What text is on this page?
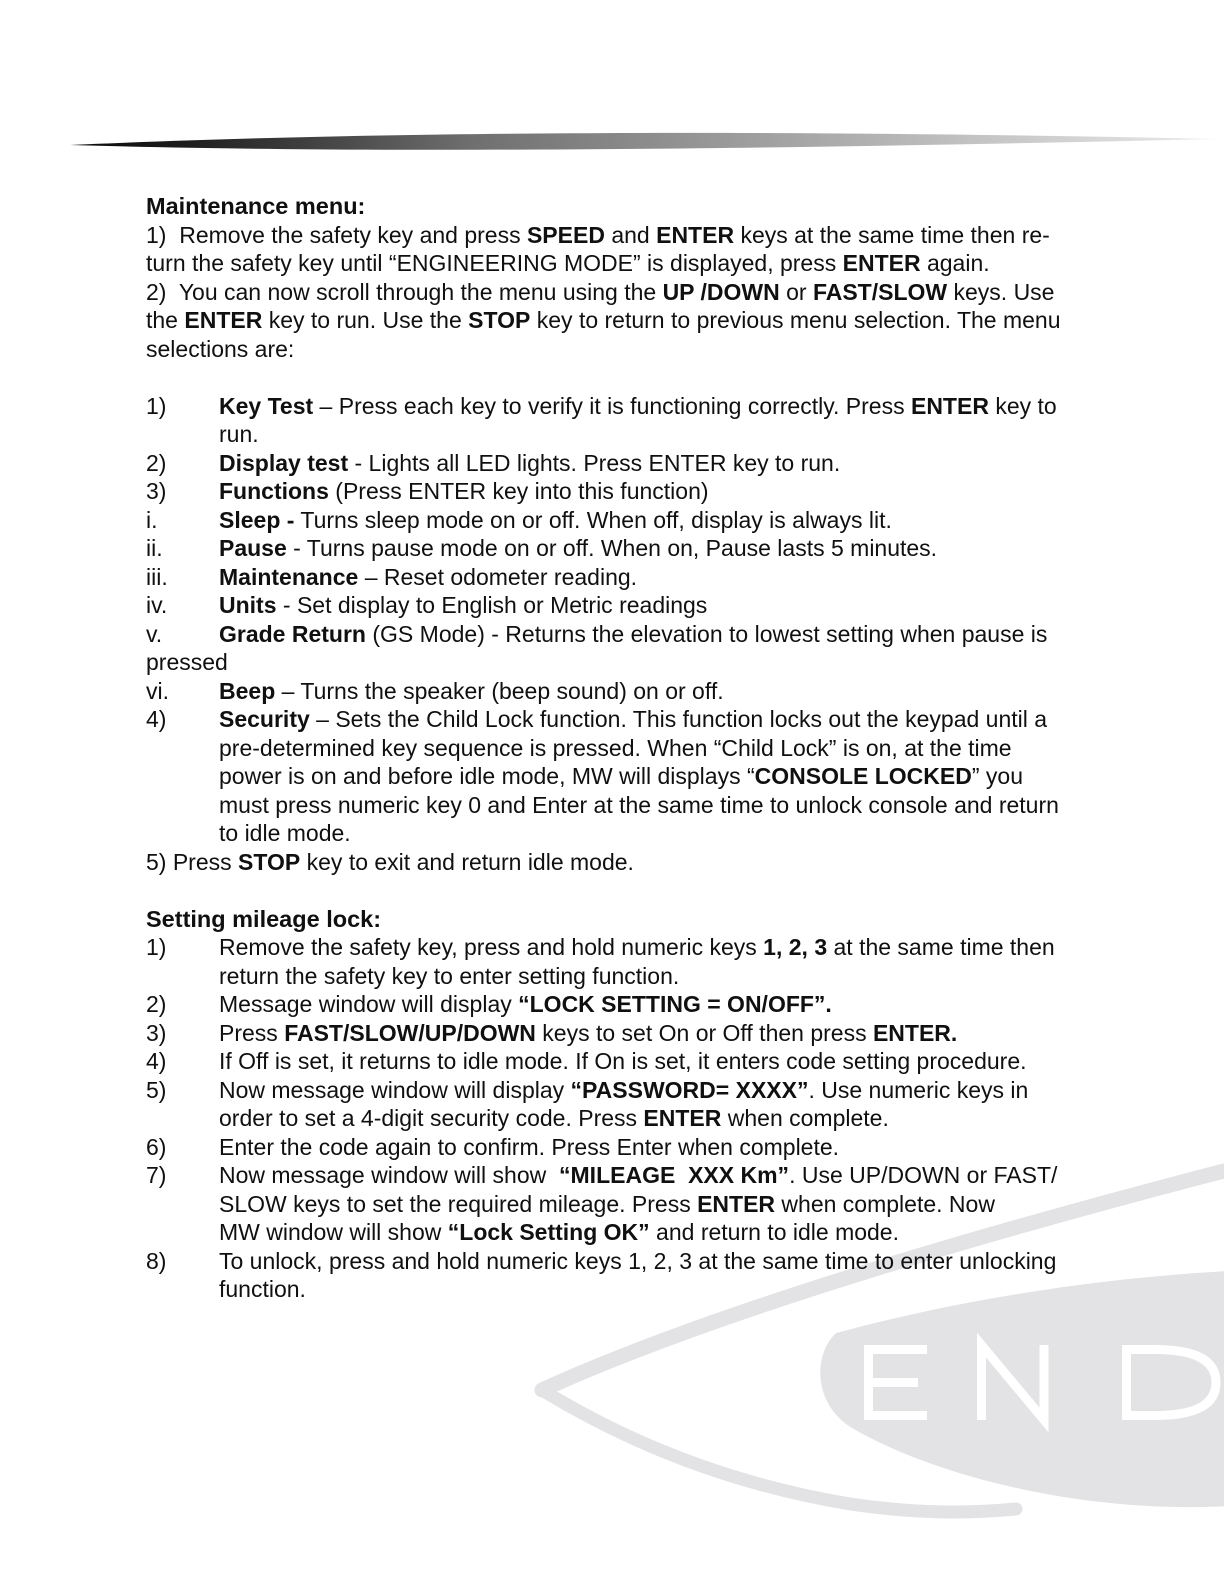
Maintenance menu:
1)  Remove the safety key and press SPEED and ENTER keys at the same time then re-
turn the safety key until “ENGINEERING MODE” is displayed, press ENTER again.
2)  You can now scroll through the menu using the UP /DOWN or FAST/SLOW keys. Use
the ENTER key to run. Use the STOP key to return to previous menu selection. The menu
selections are:
1)	Key Test – Press each key to verify it is functioning correctly. Press ENTER key to
run.
2)	Display test - Lights all LED lights. Press ENTER key to run.
3)	Functions (Press ENTER key into this function)
i.	Sleep - Turns sleep mode on or off. When off, display is always lit.
ii.	Pause - Turns pause mode on or off. When on, Pause lasts 5 minutes.
iii.	Maintenance – Reset odometer reading.
iv.	Units - Set display to English or Metric readings
v.	Grade Return (GS Mode) - Returns the elevation to lowest setting when pause is
pressed
vi.	Beep – Turns the speaker (beep sound) on or off.
4)	Security – Sets the Child Lock function. This function locks out the keypad until a
pre-determined key sequence is pressed. When “Child Lock” is on, at the time
power is on and before idle mode, MW will displays “CONSOLE LOCKED” you
must press numeric key 0 and Enter at the same time to unlock console and return
to idle mode.
5) Press STOP key to exit and return idle mode.
Setting mileage lock:
1)	Remove the safety key, press and hold numeric keys 1, 2, 3 at the same time then
return the safety key to enter setting function.
2)	Message window will display “LOCK SETTING = ON/OFF”.
3)	Press FAST/SLOW/UP/DOWN keys to set On or Off then press ENTER.
4)	If Off is set, it returns to idle mode. If On is set, it enters code setting procedure.
5)	Now message window will display “PASSWORD= XXXX”. Use numeric keys in
order to set a 4-digit security code. Press ENTER when complete.
6)	Enter the code again to confirm. Press Enter when complete.
7)	Now message window will show  “MILEAGE  XXX Km”. Use UP/DOWN or FAST/
SLOW keys to set the required mileage. Press ENTER when complete. Now
MW window will show “Lock Setting OK” and return to idle mode.
8)	To unlock, press and hold numeric keys 1, 2, 3 at the same time to enter unlocking
function.
